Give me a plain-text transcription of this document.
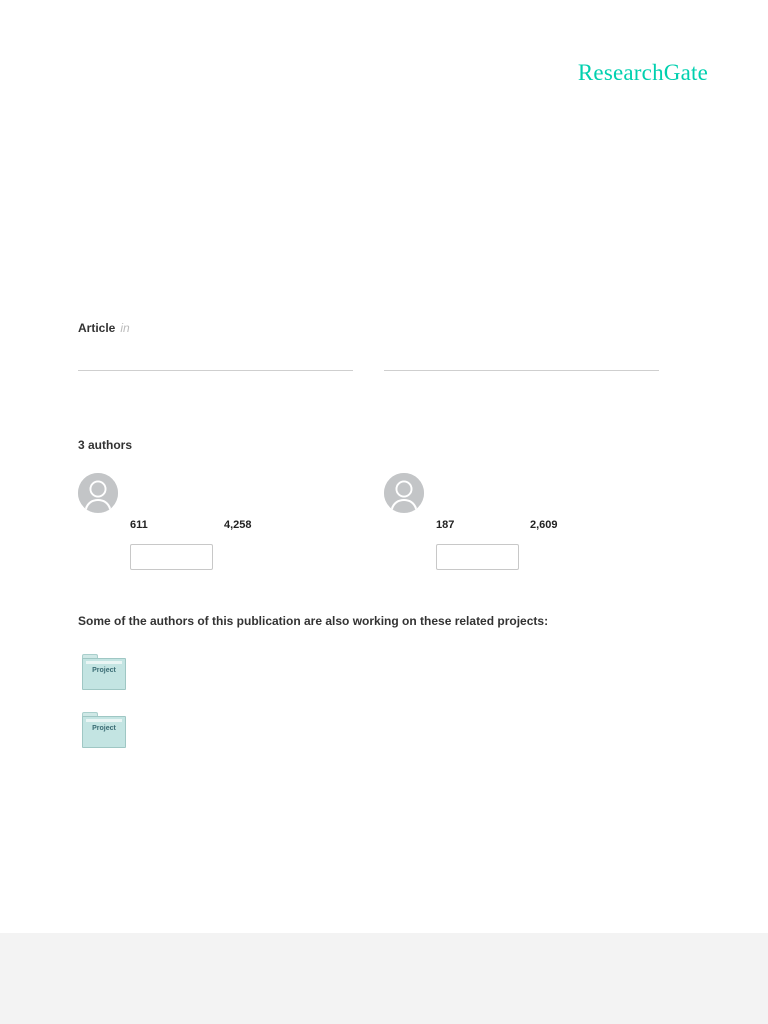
ResearchGate
Article in
3 authors
611	4,258	187	2,609
Some of the authors of this publication are also working on these related projects:
Project
Project
